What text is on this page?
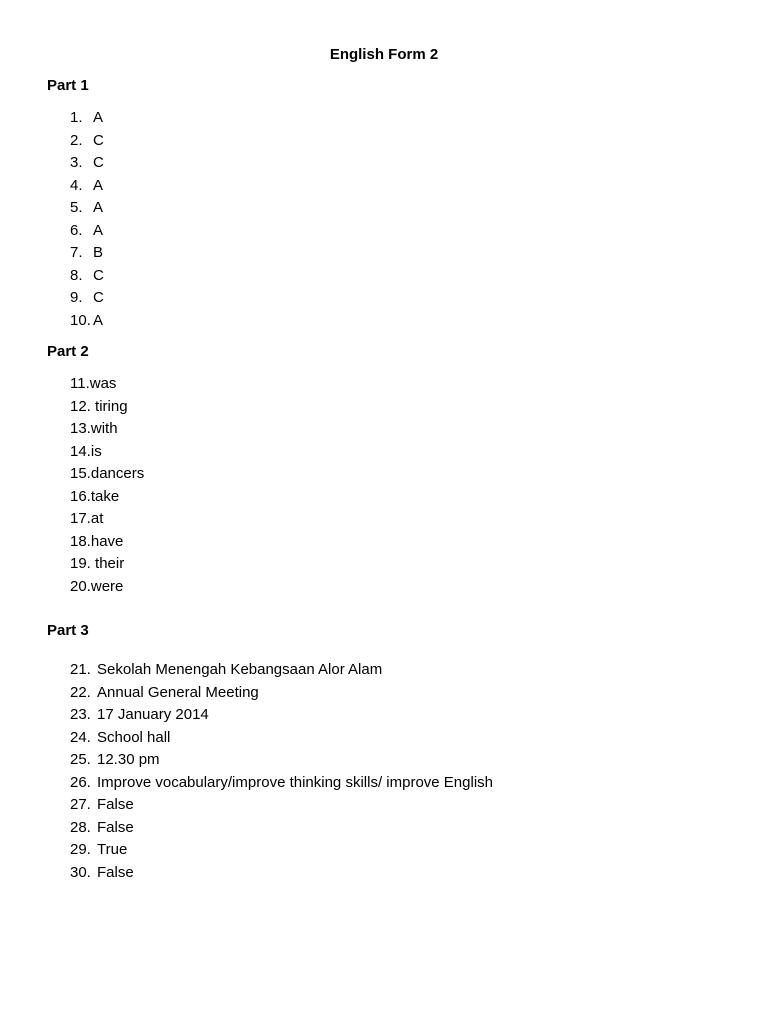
English Form 2
Part 1
1. A
2. C
3. C
4. A
5. A
6. A
7. B
8. C
9. C
10. A
Part 2
11.was
12. tiring
13.with
14.is
15.dancers
16.take
17.at
18.have
19. their
20.were
Part 3
21. Sekolah Menengah Kebangsaan Alor Alam
22. Annual General Meeting
23. 17 January 2014
24. School hall
25. 12.30 pm
26. Improve vocabulary/improve thinking skills/ improve English
27. False
28. False
29. True
30. False
